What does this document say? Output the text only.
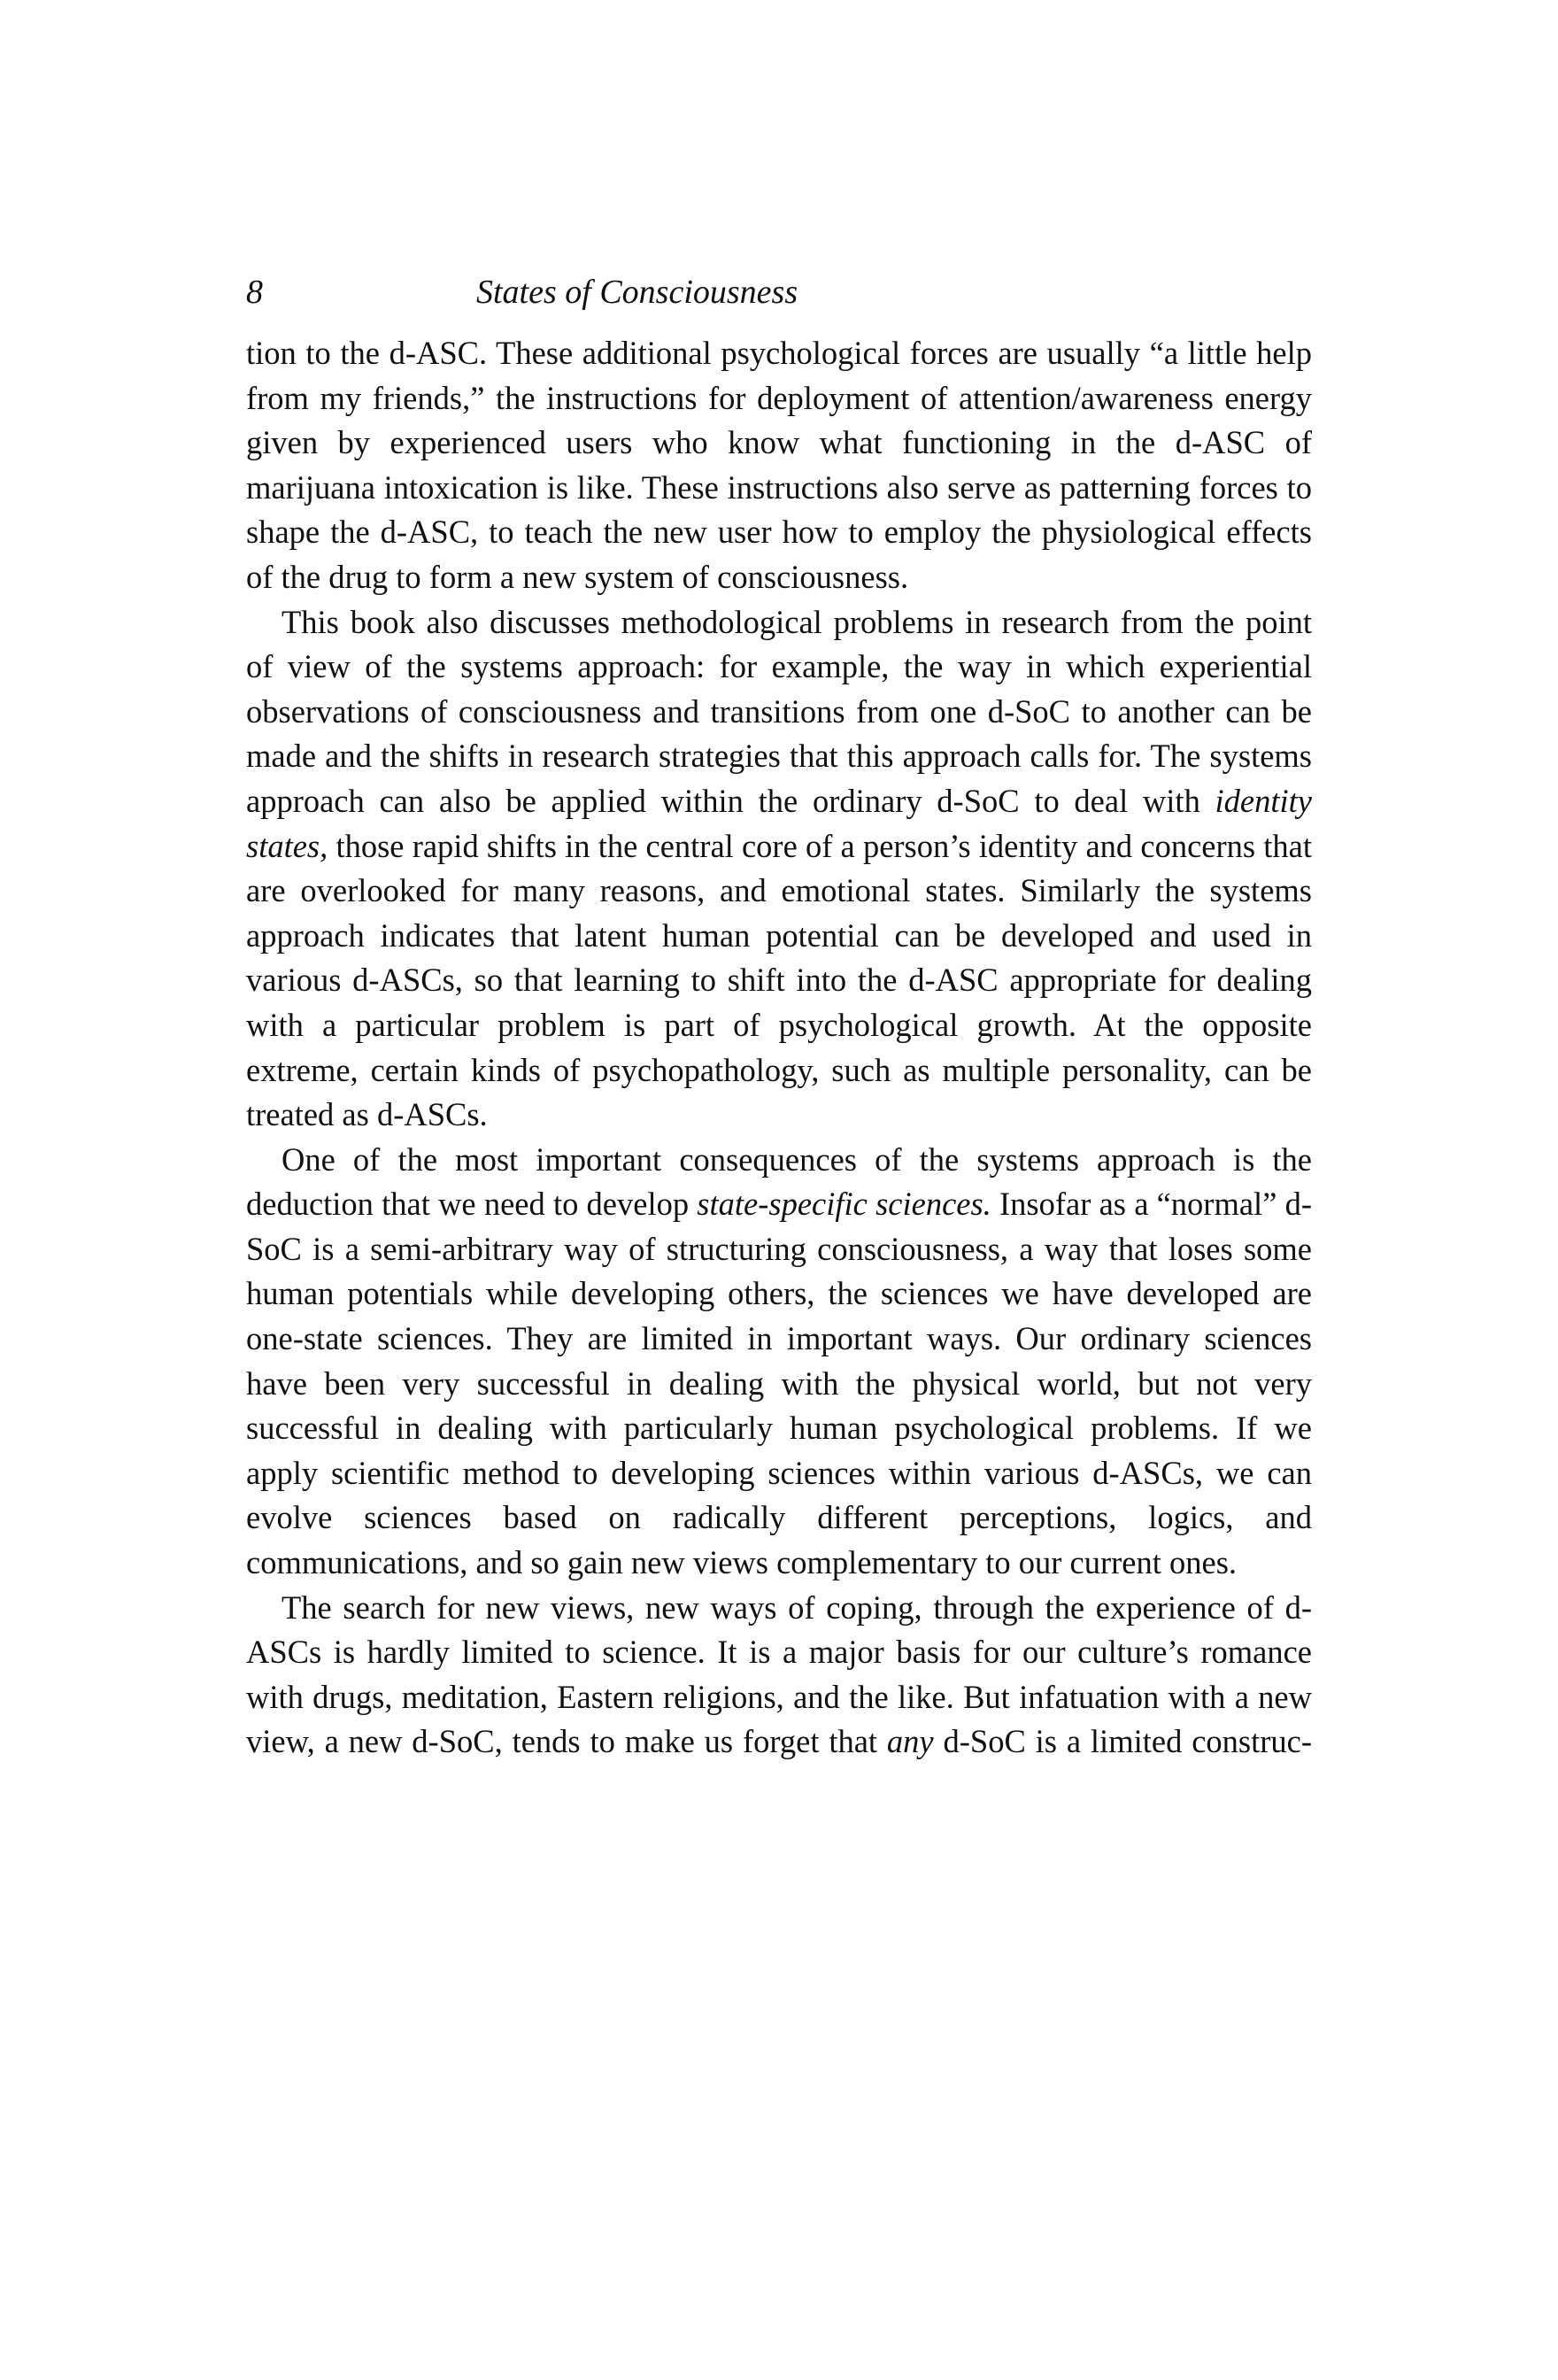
8	States of Consciousness

tion to the d-ASC. These additional psychological forces are usually “a little help from my friends,” the instructions for deployment of attention/awareness energy given by experienced users who know what functioning in the d-ASC of marijuana intoxication is like. These instructions also serve as patterning forces to shape the d-ASC, to teach the new user how to employ the physiological effects of the drug to form a new system of consciousness.

This book also discusses methodological problems in research from the point of view of the systems approach: for example, the way in which experiential observations of consciousness and transitions from one d-SoC to another can be made and the shifts in research strategies that this approach calls for. The systems approach can also be applied within the ordinary d-SoC to deal with identity states, those rapid shifts in the central core of a person’s identity and concerns that are overlooked for many reasons, and emotional states. Similarly the systems approach indicates that latent human potential can be developed and used in various d-ASCs, so that learning to shift into the d-ASC appropriate for dealing with a particular problem is part of psychological growth. At the opposite extreme, certain kinds of psychopathology, such as multiple personality, can be treated as d-ASCs.

One of the most important consequences of the systems approach is the deduction that we need to develop state-specific sciences. Insofar as a “normal” d-SoC is a semi-arbitrary way of structuring consciousness, a way that loses some human potentials while developing others, the sciences we have developed are one-state sciences. They are limited in important ways. Our ordinary sciences have been very successful in dealing with the physical world, but not very successful in dealing with particularly human psychological problems. If we apply scientific method to developing sciences within various d-ASCs, we can evolve sciences based on radically different perceptions, logics, and communications, and so gain new views complementary to our current ones.

The search for new views, new ways of coping, through the experience of d-ASCs is hardly limited to science. It is a major basis for our culture’s romance with drugs, meditation, Eastern religions, and the like. But infatuation with a new view, a new d-SoC, tends to make us forget that any d-SoC is a limited construc-
